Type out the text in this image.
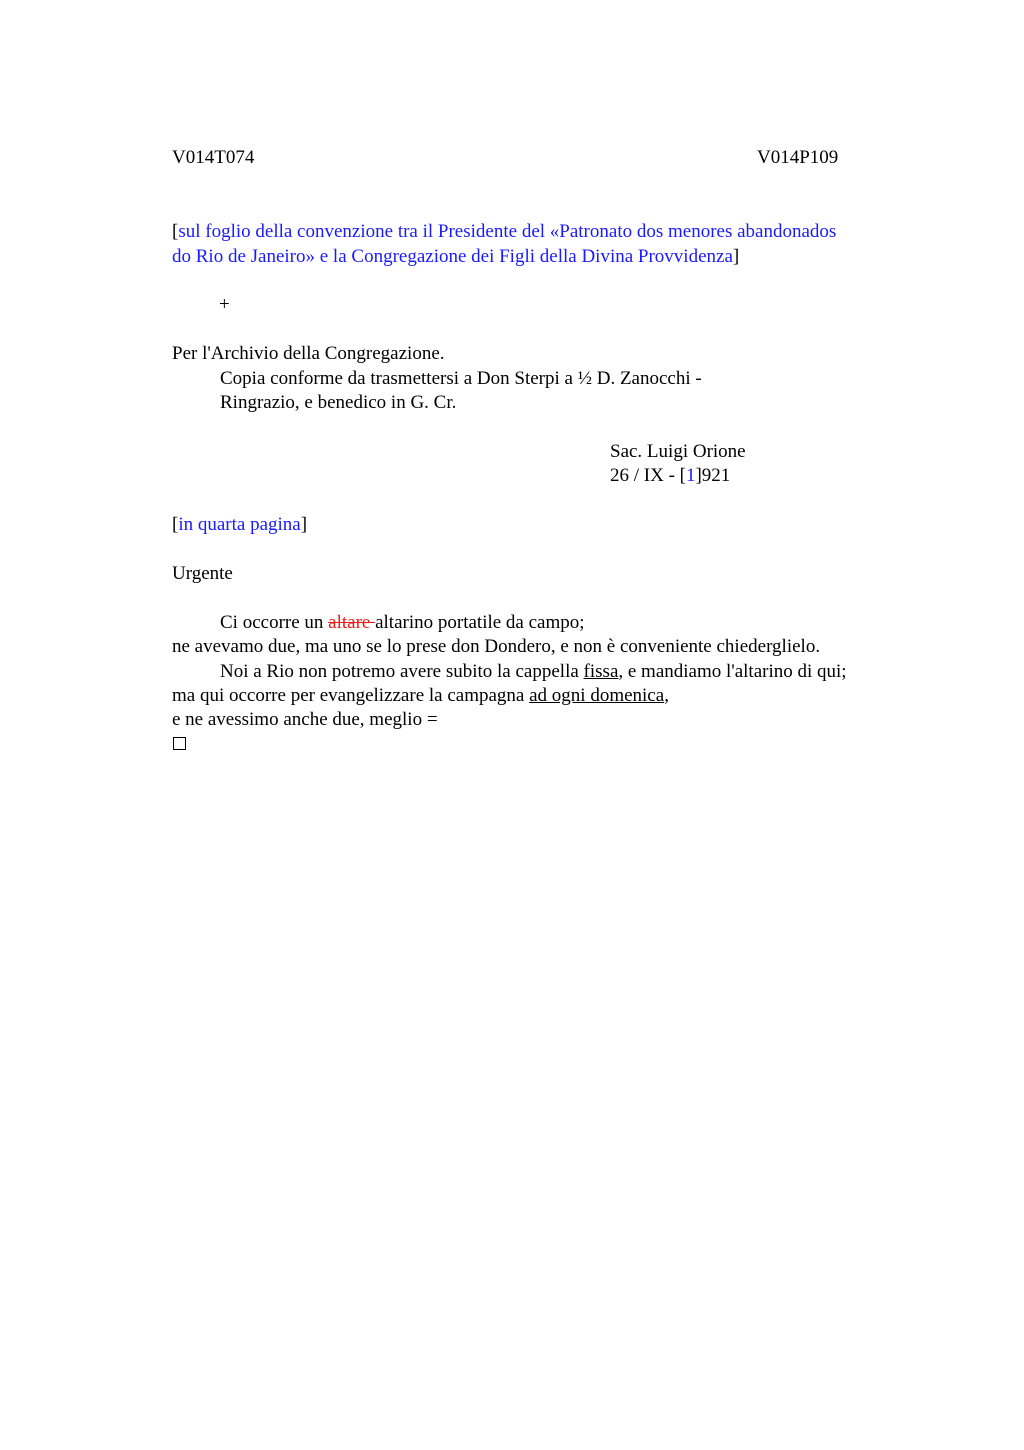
V014T074	V014P109
[sul foglio della convenzione tra il Presidente del «Patronato dos menores abandonados
do Rio de Janeiro» e la Congregazione dei Figli della Divina Provvidenza]
+
Per l'Archivio della Congregazione.
Copia conforme da trasmettersi a Don Sterpi a ½ D. Zanocchi -
Ringrazio, e benedico in G. Cr.
Sac. Luigi Orione
26 / IX - [1]921
[in quarta pagina]
Urgente
Ci occorre un altare altarino portatile da campo;
ne avevamo due, ma uno se lo prese don Dondero, e non è conveniente chiederglielo.
Noi a Rio non potremo avere subito la cappella fissa, e mandiamo l'altarino di qui;
ma qui occorre per evangelizzare la campagna ad ogni domenica,
e ne avessimo anche due, meglio =
